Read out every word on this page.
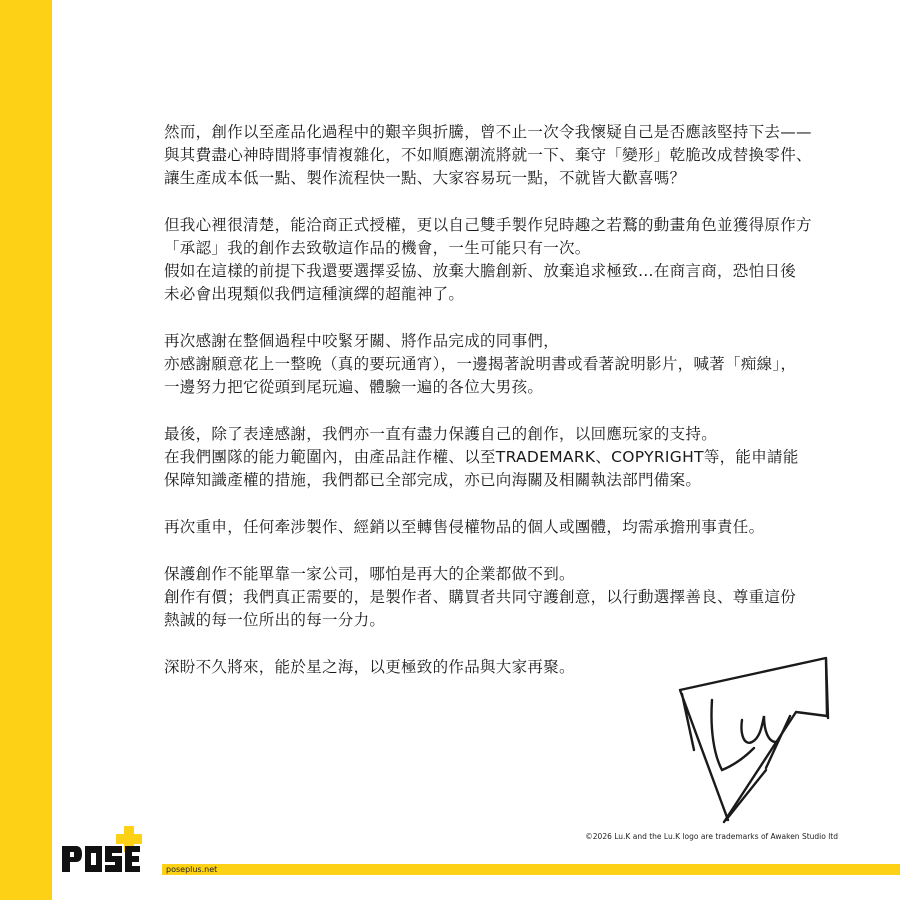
然而，創作以至產品化過程中的艱辛與折騰，曾不止一次令我懷疑自己是否應該堅持下去——
與其費盡心神時間將事情複雜化，不如順應潮流將就一下、棄守「變形」乾脆改成替換零件、
讓生產成本低一點、製作流程快一點、大家容易玩一點，不就皆大歡喜嗎？
但我心裡很清楚，能洽商正式授權，更以自己雙手製作兒時趣之若鶩的動畫角色並獲得原作方
「承認」我的創作去致敬這作品的機會，一生可能只有一次。
假如在這樣的前提下我還要選擇妥協、放棄大膽創新、放棄追求極致…在商言商，恐怕日後
未必會出現類似我們這種演繹的超龍神了。
再次感謝在整個過程中咬緊牙關、將作品完成的同事們，
亦感謝願意花上一整晚（真的要玩通宵），一邊揭著說明書或看著說明影片，喊著「痴線」，
一邊努力把它從頭到尾玩遍、體驗一遍的各位大男孩。
最後，除了表達感謝，我們亦一直有盡力保護自己的創作，以回應玩家的支持。
在我們團隊的能力範圍內，由產品註作權、以至TRADEMARK、COPYRIGHT等，能申請能
保障知識產權的措施，我們都已全部完成，亦已向海關及相關執法部門備案。
再次重申，任何牽涉製作、經銷以至轉售侵權物品的個人或團體，均需承擔刑事責任。
保護創作不能單靠一家公司，哪怕是再大的企業都做不到。
創作有價；我們真正需要的，是製作者、購買者共同守護創意，以行動選擇善良、尊重這份
熱誠的每一位所出的每一分力。
深盼不久將來，能於星之海，以更極致的作品與大家再聚。
©2026 Lu.K and the Lu.K logo are trademarks of Awaken Studio ltd
poseplus.net
